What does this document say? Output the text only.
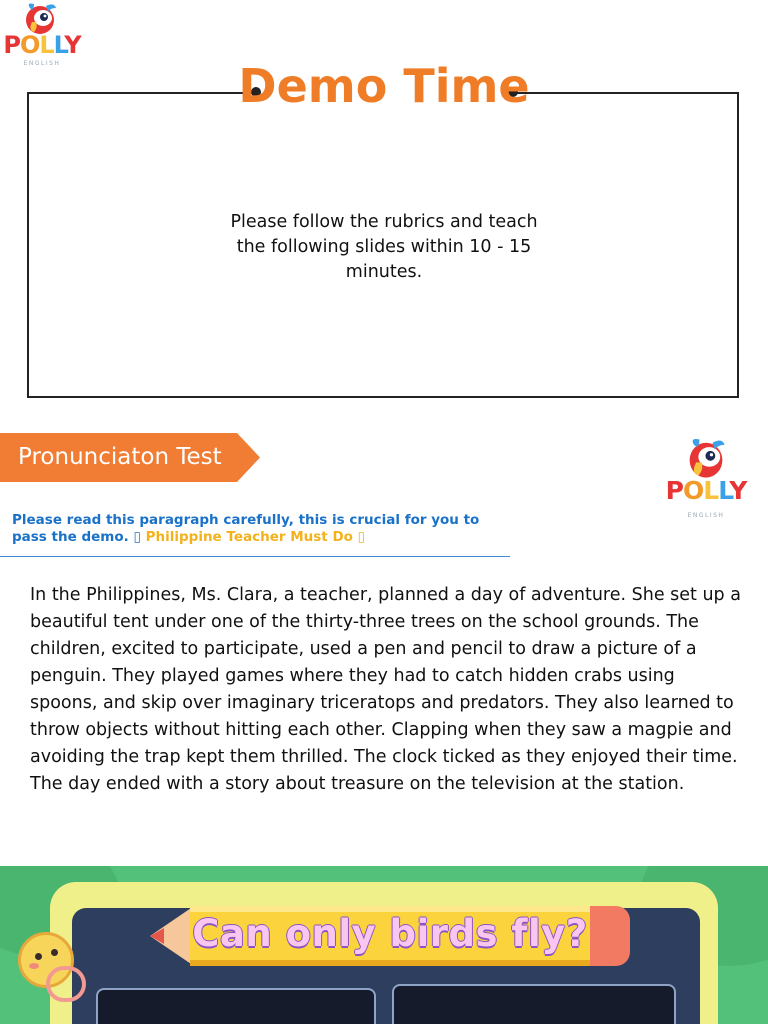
POLLY
ENGLISH	Demo Time
Please follow the rubrics and teach the following slides within 10 - 15 minutes.
Pronunciaton Test
POLLY
ENGLISH
Please read this paragraph carefully, this is crucial for you to pass the demo. ▯ Philippine Teacher Must Do ▯
In the Philippines, Ms. Clara, a teacher, planned a day of adventure. She set up a beautiful tent under one of the thirty-three trees on the school grounds. The children, excited to participate, used a pen and pencil to draw a picture of a penguin. They played games where they had to catch hidden crabs using spoons, and skip over imaginary triceratops and predators. They also learned to throw objects without hitting each other. Clapping when they saw a magpie and avoiding the trap kept them thrilled. The clock ticked as they enjoyed their time. The day ended with a story about treasure on the television at the station.
Can only birds fly?
